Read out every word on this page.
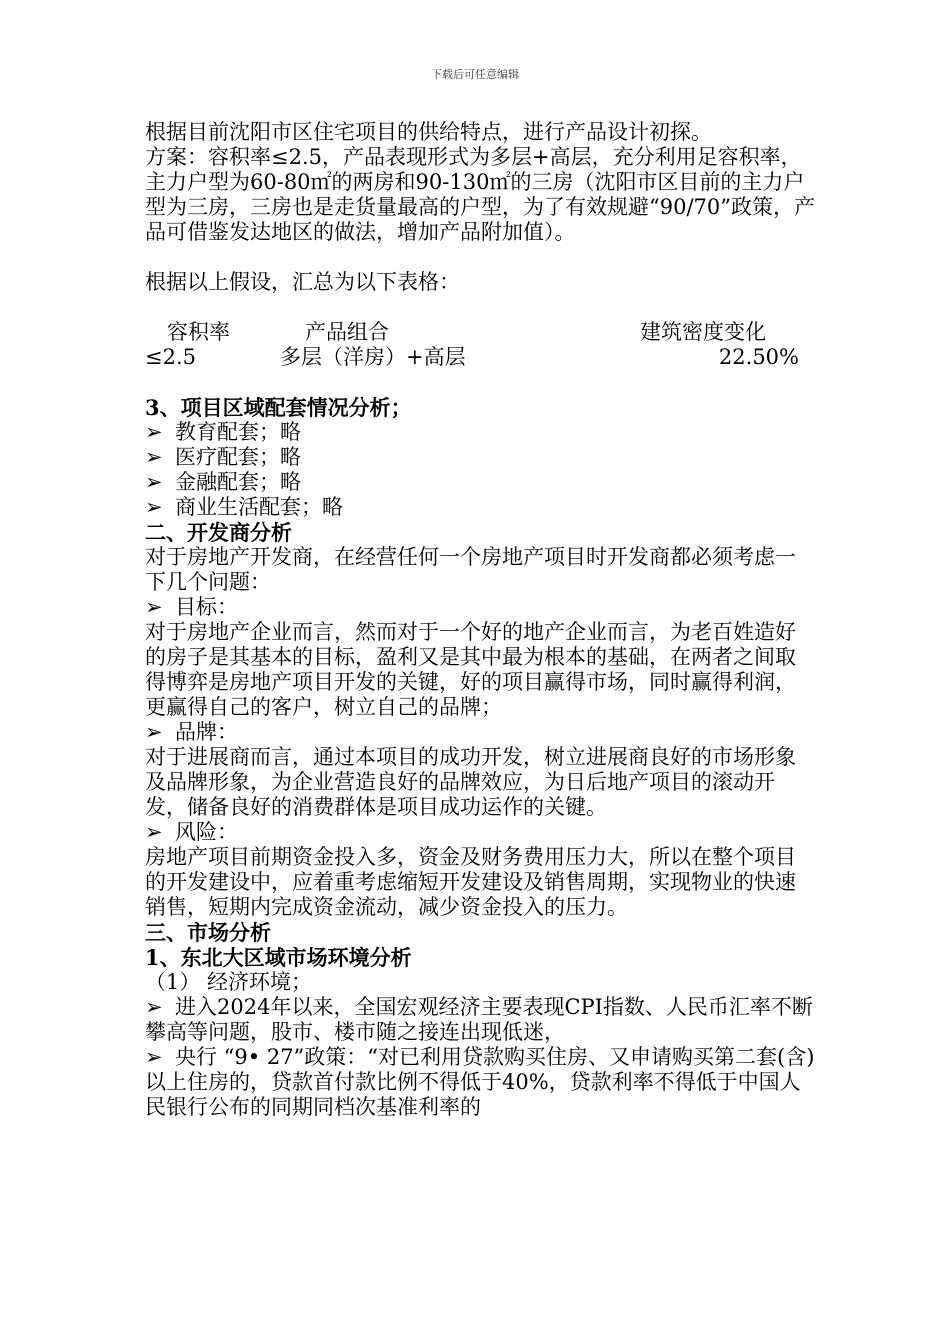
下载后可任意编辑

根据目前沈阳市区住宅项目的供给特点，进行产品设计初探。

方案：容积率≤2.5，产品表现形式为多层+高层，充分利用足容积率，主力户型为60-80㎡的两房和90-130㎡的三房（沈阳市区目前的主力户型为三房，三房也是走货量最高的户型，为了有效规避“90/70”政策，产品可借鉴发达地区的做法，增加产品附加值）。

根据以上假设，汇总为以下表格：

容积率	产品组合	建筑密度变化
≤2.5	多层（洋房）+高层	22.50%

3、项目区域配套情况分析；

➢ 教育配套；略

➢ 医疗配套；略

➢ 金融配套；略

➢ 商业生活配套；略

二、开发商分析

对于房地产开发商，在经营任何一个房地产项目时开发商都必须考虑一下几个问题：

➢ 目标：

对于房地产企业而言，然而对于一个好的地产企业而言，为老百姓造好的房子是其基本的目标，盈利又是其中最为根本的基础，在两者之间取得博弈是房地产项目开发的关键，好的项目赢得市场，同时赢得利润，更赢得自己的客户，树立自己的品牌；

➢ 品牌：

对于进展商而言，通过本项目的成功开发，树立进展商良好的市场形象及品牌形象，为企业营造良好的品牌效应，为日后地产项目的滚动开发，储备良好的消费群体是项目成功运作的关键。

➢ 风险：

房地产项目前期资金投入多，资金及财务费用压力大，所以在整个项目的开发建设中，应着重考虑缩短开发建设及销售周期，实现物业的快速销售，短期内完成资金流动，减少资金投入的压力。

三、市场分析

1、东北大区域市场环境分析

（1） 经济环境；

➢ 进入2024年以来，全国宏观经济主要表现CPI指数、人民币汇率不断攀高等问题，股市、楼市随之接连出现低迷，

➢ 央行 “9• 27”政策：“对已利用贷款购买住房、又申请购买第二套(含)以上住房的，贷款首付款比例不得低于40%，贷款利率不得低于中国人民银行公布的同期同档次基准利率的
